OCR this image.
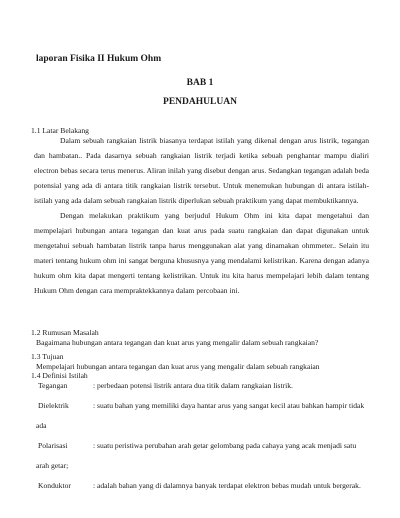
laporan Fisika II Hukum Ohm
BAB 1
PENDAHULUAN
1.1 Latar Belakang
Dalam sebuah rangkaian listrik biasanya terdapat istilah yang dikenal dengan arus listrik, tegangan dan hambatan.. Pada dasarnya sebuah rangkaian listrik terjadi ketika sebuah penghantar mampu dialiri electron bebas secara terus menerus. Aliran inilah yang disebut dengan arus. Sedangkan tegangan adalah beda potensial yang ada di antara titik rangkaian listrik tersebut. Untuk menemukan hubungan di antara istilah-istilah yang ada dalam sebuah rangkaian listrik diperlukan sebuah praktikum yang dapat membuktikannya.
Dengan melakukan praktikum yang berjudul Hukum Ohm ini kita dapat mengetahui dan mempelajari hubungan antara tegangan dan kuat arus pada suatu rangkaian dan dapat digunakan untuk mengetahui sebuah hambatan listrik tanpa harus menggunakan alat yang dinamakan ohmmeter.. Selain itu materi tentang hukum ohm ini sangat berguna khususnya yang mendalami kelistrikan. Karena dengan adanya hukum ohm kita dapat mengerti tentang kelistrikan. Untuk itu kita harus mempelajari lebih dalam tentang Hukum Ohm dengan cara mempraktekkannya dalam percobaan ini.
1.2 Rumusan Masalah
Bagaimana hubungan antara tegangan dan kuat arus yang mengalir dalam sebuah rangkaian?
1.3 Tujuan
Mempelajari hubungan antara tegangan dan kuat arus yang mengalir dalam sebuah rangkaian
1.4 Definisi Istilah
Tegangan	: perbedaan potensi listrik antara dua titik dalam rangkaian listrik.
Dielektrik	: suatu bahan yang memiliki daya hantar arus yang sangat kecil atau bahkan hampir tidak ada
Polarisasi	: suatu peristiwa perubahan arah getar gelombang pada cahaya yang acak menjadi satu arah getar;
Konduktor	: adalah bahan yang di dalamnya banyak terdapat elektron bebas mudah untuk bergerak.
